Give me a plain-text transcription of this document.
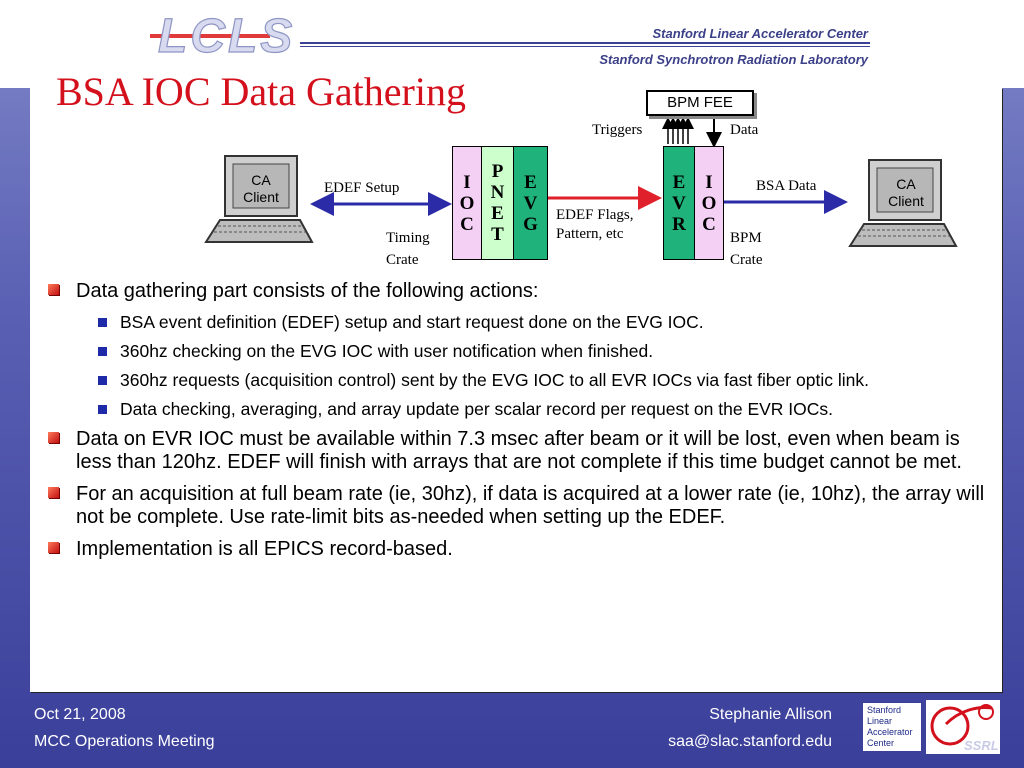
LCLS	Stanford Linear Accelerator Center
Stanford Synchrotron Radiation Laboratory
BSA IOC Data Gathering
CA
Client
CA
Client
I
O
C
P
N
E
T
E
V
G
E
V
R
I
O
C
BPM FEE
Triggers	Data
EDEF Setup	BSA Data
EDEF Flags,
Pattern, etc
Timing
Crate
BPM
Crate
Data gathering part consists of the following actions:
BSA event definition (EDEF) setup and start request done on the EVG IOC.
360hz checking on the EVG IOC with user notification when finished.
360hz requests (acquisition control) sent by the EVG IOC to all EVR IOCs via fast fiber optic link.
Data checking, averaging, and array update per scalar record per request on the EVR IOCs.
Data on EVR IOC must be available within 7.3 msec after beam or it will be lost, even when beam is less than 120hz. EDEF will finish with arrays that are not complete if this time budget cannot be met.
For an acquisition at full beam rate (ie, 30hz), if data is acquired at a lower rate (ie, 10hz), the array will not be complete. Use rate-limit bits as-needed when setting up the EDEF.
Implementation is all EPICS record-based.
Oct 21, 2008
MCC Operations Meeting
Stephanie Allison
saa@slac.stanford.edu
Stanford
Linear
Accelerator
Center	SSRL
